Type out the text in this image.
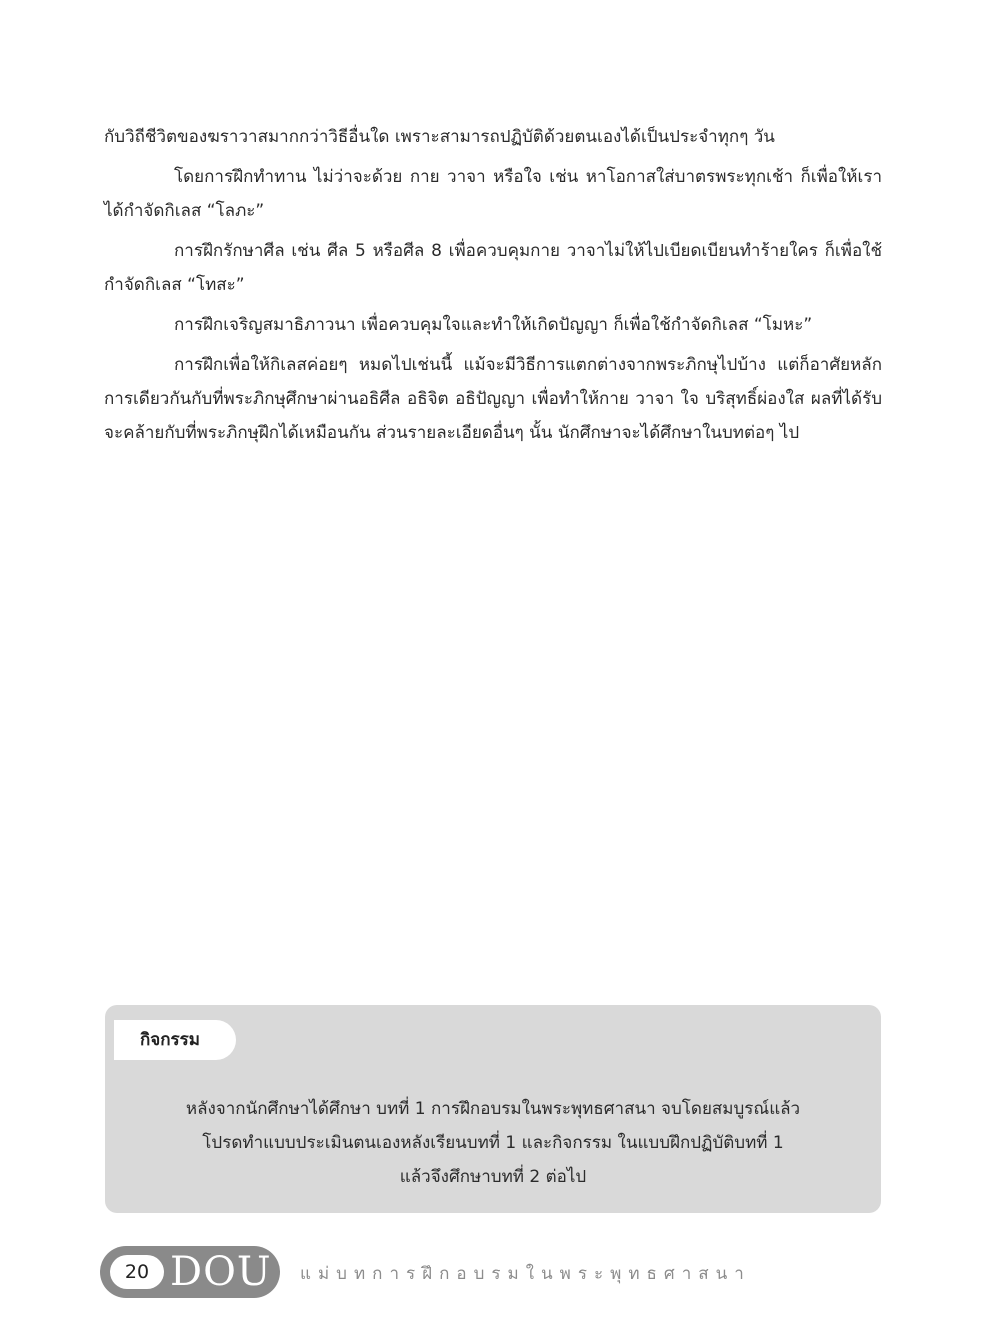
กับวิถีชีวิตของฆราวาสมากกว่าวิธีอื่นใด เพราะสามารถปฏิบัติด้วยตนเองได้เป็นประจำทุกๆ วัน

โดยการฝึกทำทาน ไม่ว่าจะด้วย กาย วาจา หรือใจ เช่น หาโอกาสใส่บาตรพระทุกเช้า ก็เพื่อให้เราได้กำจัดกิเลส “โลภะ”

การฝึกรักษาศีล เช่น ศีล 5 หรือศีล 8 เพื่อควบคุมกาย วาจาไม่ให้ไปเบียดเบียนทำร้ายใคร ก็เพื่อใช้กำจัดกิเลส “โทสะ”

การฝึกเจริญสมาธิภาวนา เพื่อควบคุมใจและทำให้เกิดปัญญา ก็เพื่อใช้กำจัดกิเลส “โมหะ”

การฝึกเพื่อให้กิเลสค่อยๆ หมดไปเช่นนี้ แม้จะมีวิธีการแตกต่างจากพระภิกษุไปบ้าง แต่ก็อาศัยหลักการเดียวกันกับที่พระภิกษุศึกษาผ่านอธิศีล อธิจิต อธิปัญญา เพื่อทำให้กาย วาจา ใจ บริสุทธิ์ผ่องใส ผลที่ได้รับจะคล้ายกับที่พระภิกษุฝึกได้เหมือนกัน ส่วนรายละเอียดอื่นๆ นั้น นักศึกษาจะได้ศึกษาในบทต่อๆ ไป

กิจกรรม
หลังจากนักศึกษาได้ศึกษา บทที่ 1 การฝึกอบรมในพระพุทธศาสนา จบโดยสมบูรณ์แล้ว
โปรดทำแบบประเมินตนเองหลังเรียนบทที่ 1 และกิจกรรม ในแบบฝึกปฏิบัติบทที่ 1
แล้วจึงศึกษาบทที่ 2 ต่อไป
20 DOU แม่บทการฝึกอบรมในพระพุทธศาสนา
